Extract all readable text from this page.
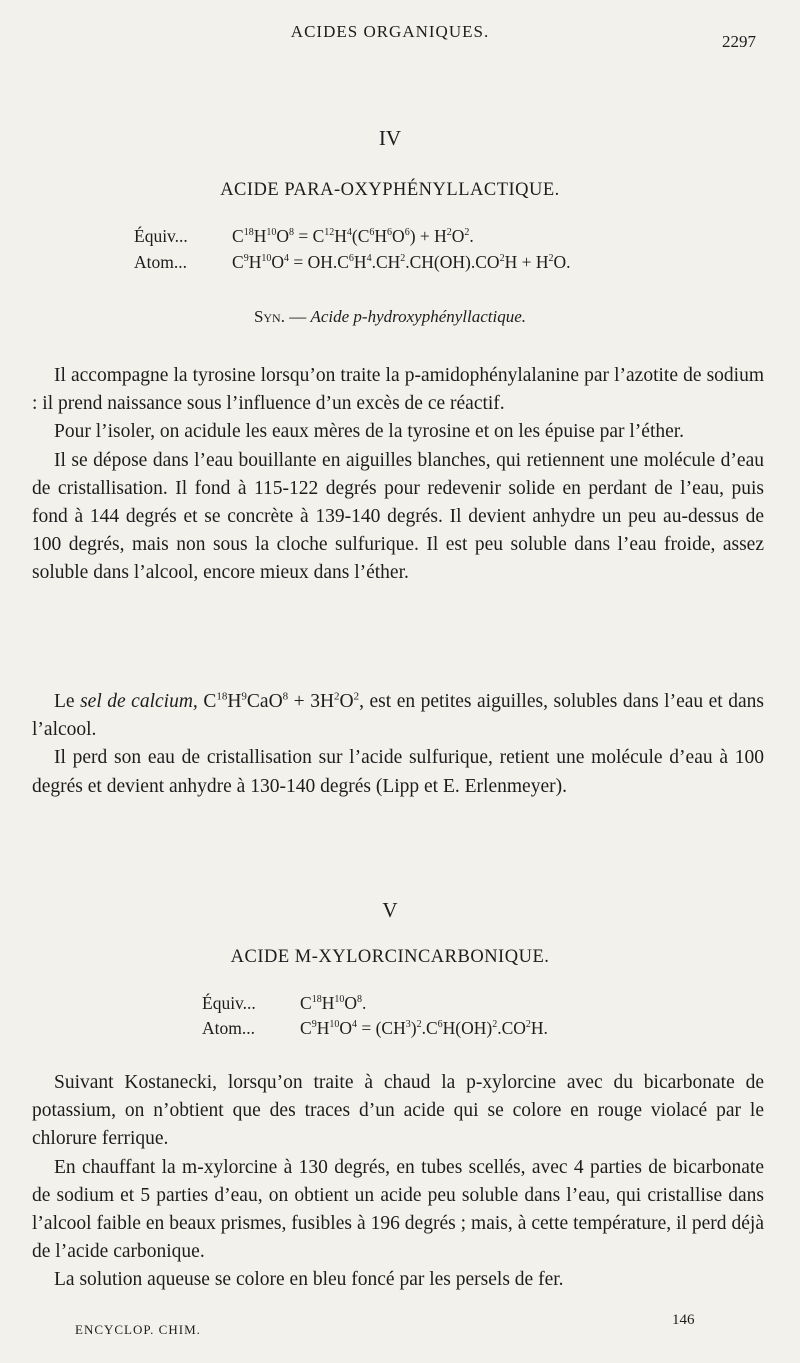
ACIDES ORGANIQUES.
2297
IV
ACIDE PARA-OXYPHÉNYLLACTIQUE.
Équiv...	$C^{18}H^{10}O^8 = C^{12}H^4(C^6H^6O^6) + H^2O^2$.
Atom...	$C^9H^{10}O^4 = OH.C^6H^4.CH^2.CH(OH).CO^2H + H^2O$.
Syn. — Acide p-hydroxyphényllactique.

Il accompagne la tyrosine lorsqu’on traite la p-amidophénylalanine par l’azotite de sodium : il prend naissance sous l’influence d’un excès de ce réactif.

Pour l’isoler, on acidule les eaux mères de la tyrosine et on les épuise par l’éther.

Il se dépose dans l’eau bouillante en aiguilles blanches, qui retiennent une molécule d’eau de cristallisation. Il fond à 115-122 degrés pour redevenir solide en perdant de l’eau, puis fond à 144 degrés et se concrète à 139-140 degrés. Il devient anhydre un peu au-dessus de 100 degrés, mais non sous la cloche sulfurique. Il est peu soluble dans l’eau froide, assez soluble dans l’alcool, encore mieux dans l’éther.

Le sel de calcium, $C^{18}H^9CaO^8 + 3H^2O^2$, est en petites aiguilles, solubles dans l’eau et dans l’alcool.

Il perd son eau de cristallisation sur l’acide sulfurique, retient une molécule d’eau à 100 degrés et devient anhydre à 130-140 degrés (Lipp et E. Erlenmeyer).

V
ACIDE M-XYLORCINCARBONIQUE.
Équiv...	$C^{18}H^{10}O^8$.
Atom...	$C^9H^{10}O^4 = (CH^3)^2.C^6H(OH)^2.CO^2H$.

Suivant Kostanecki, lorsqu’on traite à chaud la p-xylorcine avec du bicarbonate de potassium, on n’obtient que des traces d’un acide qui se colore en rouge violacé par le chlorure ferrique.

En chauffant la m-xylorcine à 130 degrés, en tubes scellés, avec 4 parties de bicarbonate de sodium et 5 parties d’eau, on obtient un acide peu soluble dans l’eau, qui cristallise dans l’alcool faible en beaux prismes, fusibles à 196 degrés ; mais, à cette température, il perd déjà de l’acide carbonique.

La solution aqueuse se colore en bleu foncé par les persels de fer.

ENCYCLOP. CHIM.
146
